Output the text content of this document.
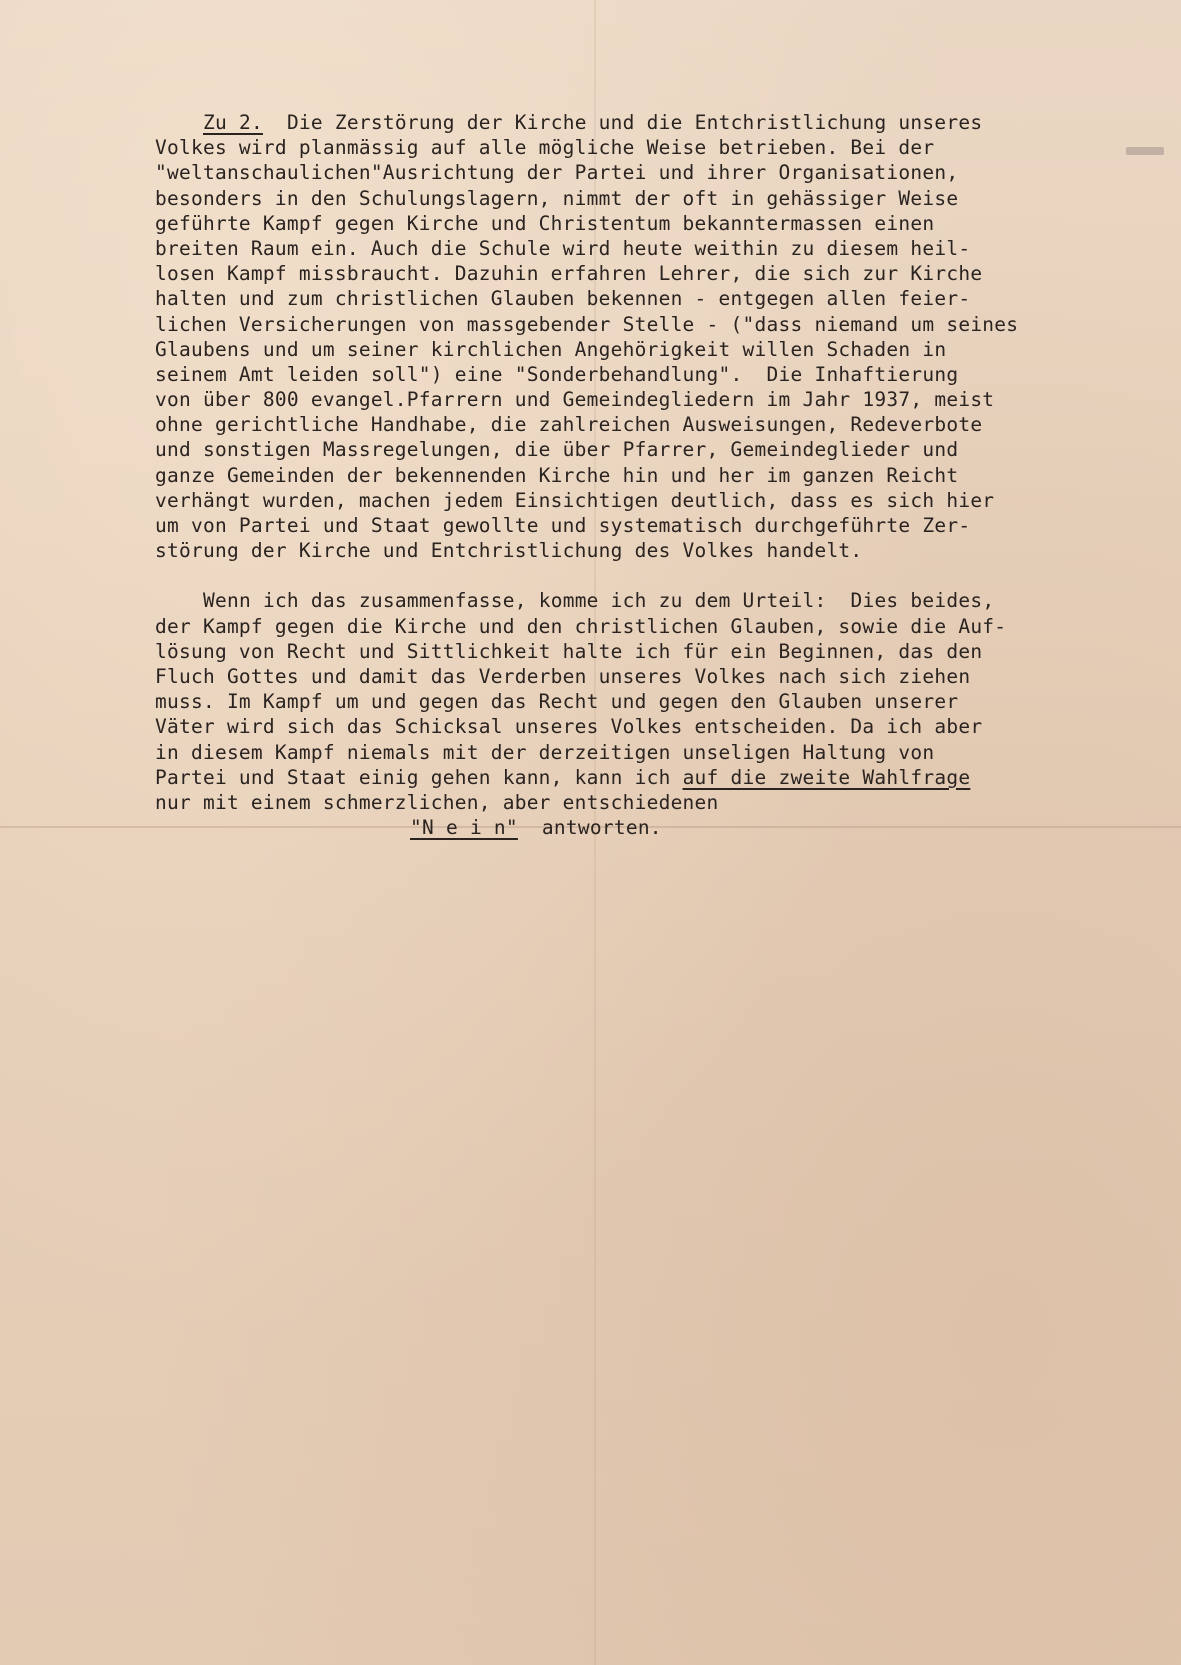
Zu 2. Die Zerstörung der Kirche und die Entchristlichung unseres
Volkes wird planmässig auf alle mögliche Weise betrieben. Bei der
"weltanschaulichen"Ausrichtung der Partei und ihrer Organisationen,
besonders in den Schulungslagern, nimmt der oft in gehässiger Weise
geführte Kampf gegen Kirche und Christentum bekanntermassen einen
breiten Raum ein. Auch die Schule wird heute weithin zu diesem heil-
losen Kampf missbraucht. Dazuhin erfahren Lehrer, die sich zur Kirche
halten und zum christlichen Glauben bekennen - entgegen allen feier-
lichen Versicherungen von massgebender Stelle - ("dass niemand um seines
Glaubens und um seiner kirchlichen Angehörigkeit willen Schaden in
seinem Amt leiden soll") eine "Sonderbehandlung".  Die Inhaftierung
von über 800 evangel.Pfarrern und Gemeindegliedern im Jahr 1937, meist
ohne gerichtliche Handhabe, die zahlreichen Ausweisungen, Redeverbote
und sonstigen Massregelungen, die über Pfarrer, Gemeindeglieder und
ganze Gemeinden der bekennenden Kirche hin und her im ganzen Reicht
verhängt wurden, machen jedem Einsichtigen deutlich, dass es sich hier
um von Partei und Staat gewollte und systematisch durchgeführte Zer-
störung der Kirche und Entchristlichung des Volkes handelt.
Wenn ich das zusammenfasse, komme ich zu dem Urteil:  Dies beides,
der Kampf gegen die Kirche und den christlichen Glauben, sowie die Auf-
lösung von Recht und Sittlichkeit halte ich für ein Beginnen, das den
Fluch Gottes und damit das Verderben unseres Volkes nach sich ziehen
muss. Im Kampf um und gegen das Recht und gegen den Glauben unserer
Väter wird sich das Schicksal unseres Volkes entscheiden. Da ich aber
in diesem Kampf niemals mit der derzeitigen unseligen Haltung von
Partei und Staat einig gehen kann, kann ich auf die zweite Wahlfrage
nur mit einem schmerzlichen, aber entschiedenen
"N e i n"  antworten.
